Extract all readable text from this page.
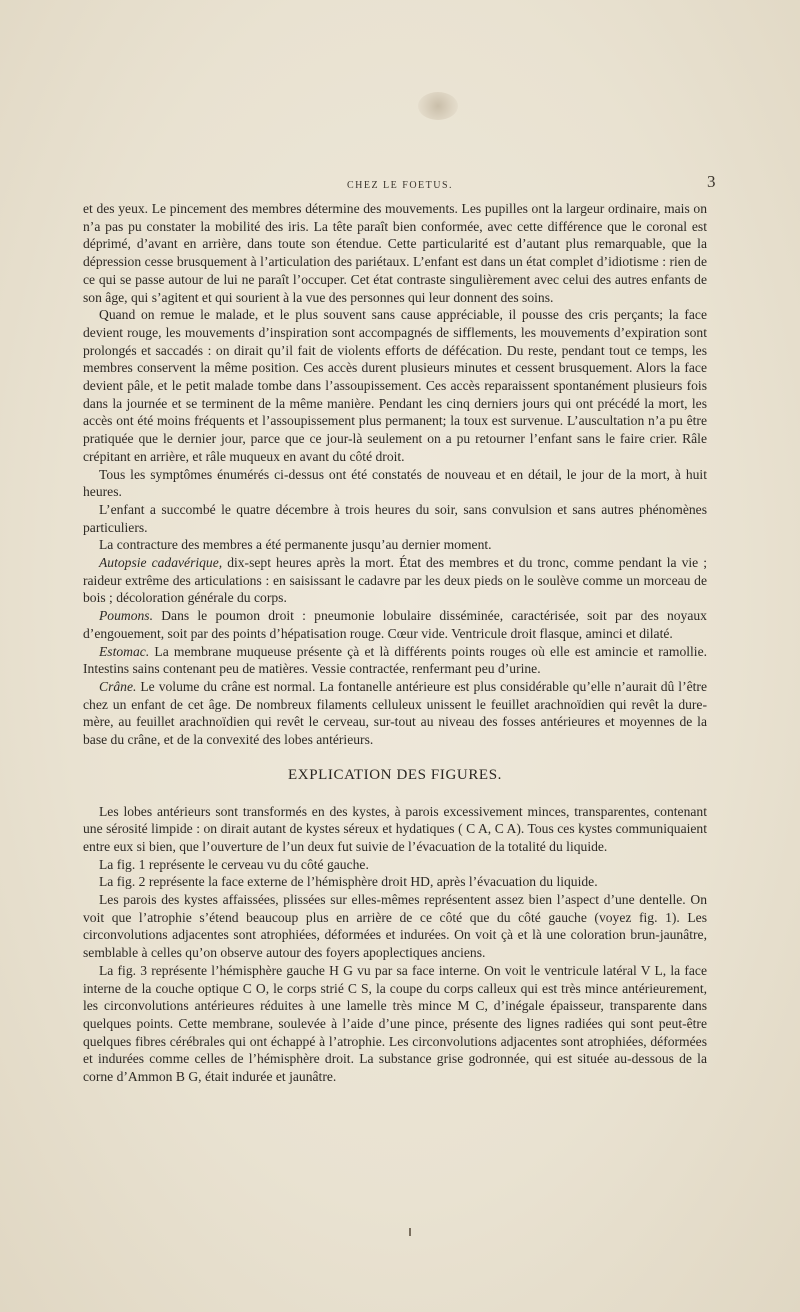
CHEZ LE FOETUS.	3

et des yeux. Le pincement des membres détermine des mouvements. Les pupilles ont la largeur ordinaire, mais on n’a pas pu constater la mobilité des iris. La tête paraît bien conformée, avec cette différence que le coronal est déprimé, d’avant en arrière, dans toute son étendue. Cette particularité est d’autant plus remarquable, que la dépression cesse brusquement à l’articulation des pariétaux. L’enfant est dans un état complet d’idiotisme : rien de ce qui se passe autour de lui ne paraît l’occuper. Cet état contraste singulièrement avec celui des autres enfants de son âge, qui s’agitent et qui sourient à la vue des personnes qui leur donnent des soins.

Quand on remue le malade, et le plus souvent sans cause appréciable, il pousse des cris perçants; la face devient rouge, les mouvements d’inspiration sont accompagnés de sifflements, les mouvements d’expiration sont prolongés et saccadés : on dirait qu’il fait de violents efforts de défécation. Du reste, pendant tout ce temps, les membres conservent la même position. Ces accès durent plusieurs minutes et cessent brusquement. Alors la face devient pâle, et le petit malade tombe dans l’assoupissement. Ces accès reparaissent spontanément plusieurs fois dans la journée et se terminent de la même manière. Pendant les cinq derniers jours qui ont précédé la mort, les accès ont été moins fréquents et l’assoupissement plus permanent; la toux est survenue. L’auscultation n’a pu être pratiquée que le dernier jour, parce que ce jour-là seulement on a pu retourner l’enfant sans le faire crier. Râle crépitant en arrière, et râle muqueux en avant du côté droit.

Tous les symptômes énumérés ci-dessus ont été constatés de nouveau et en détail, le jour de la mort, à huit heures.

L’enfant a succombé le quatre décembre à trois heures du soir, sans convulsion et sans autres phénomènes particuliers.

La contracture des membres a été permanente jusqu’au dernier moment.

Autopsie cadavérique, dix-sept heures après la mort. État des membres et du tronc, comme pendant la vie ; raideur extrême des articulations : en saisissant le cadavre par les deux pieds on le soulève comme un morceau de bois ; décoloration générale du corps.

Poumons. Dans le poumon droit : pneumonie lobulaire disséminée, caractérisée, soit par des noyaux d’engouement, soit par des points d’hépatisation rouge. Cœur vide. Ventricule droit flasque, aminci et dilaté.

Estomac. La membrane muqueuse présente çà et là différents points rouges où elle est amincie et ramollie. Intestins sains contenant peu de matières. Vessie contractée, renfermant peu d’urine.

Crâne. Le volume du crâne est normal. La fontanelle antérieure est plus considérable qu’elle n’aurait dû l’être chez un enfant de cet âge. De nombreux filaments celluleux unissent le feuillet arachnoïdien qui revêt la dure-mère, au feuillet arachnoïdien qui revêt le cerveau, sur-tout au niveau des fosses antérieures et moyennes de la base du crâne, et de la convexité des lobes antérieurs.

EXPLICATION DES FIGURES.

Les lobes antérieurs sont transformés en des kystes, à parois excessivement minces, transparentes, contenant une sérosité limpide : on dirait autant de kystes séreux et hydatiques ( C A, C A). Tous ces kystes communiquaient entre eux si bien, que l’ouverture de l’un deux fut suivie de l’évacuation de la totalité du liquide.

La fig. 1 représente le cerveau vu du côté gauche.

La fig. 2 représente la face externe de l’hémisphère droit HD, après l’évacuation du liquide.

Les parois des kystes affaissées, plissées sur elles-mêmes représentent assez bien l’aspect d’une dentelle. On voit que l’atrophie s’étend beaucoup plus en arrière de ce côté que du côté gauche (voyez fig. 1). Les circonvolutions adjacentes sont atrophiées, déformées et indurées. On voit çà et là une coloration brun-jaunâtre, semblable à celles qu’on observe autour des foyers apoplectiques anciens.

La fig. 3 représente l’hémisphère gauche H G vu par sa face interne. On voit le ventricule latéral V L, la face interne de la couche optique C O, le corps strié C S, la coupe du corps calleux qui est très mince antérieurement, les circonvolutions antérieures réduites à une lamelle très mince M C, d’inégale épaisseur, transparente dans quelques points. Cette membrane, soulevée à l’aide d’une pince, présente des lignes radiées qui sont peut-être quelques fibres cérébrales qui ont échappé à l’atrophie. Les circonvolutions adjacentes sont atrophiées, déformées et indurées comme celles de l’hémisphère droit. La substance grise godronnée, qui est située au-dessous de la corne d’Ammon B G, était indurée et jaunâtre.
